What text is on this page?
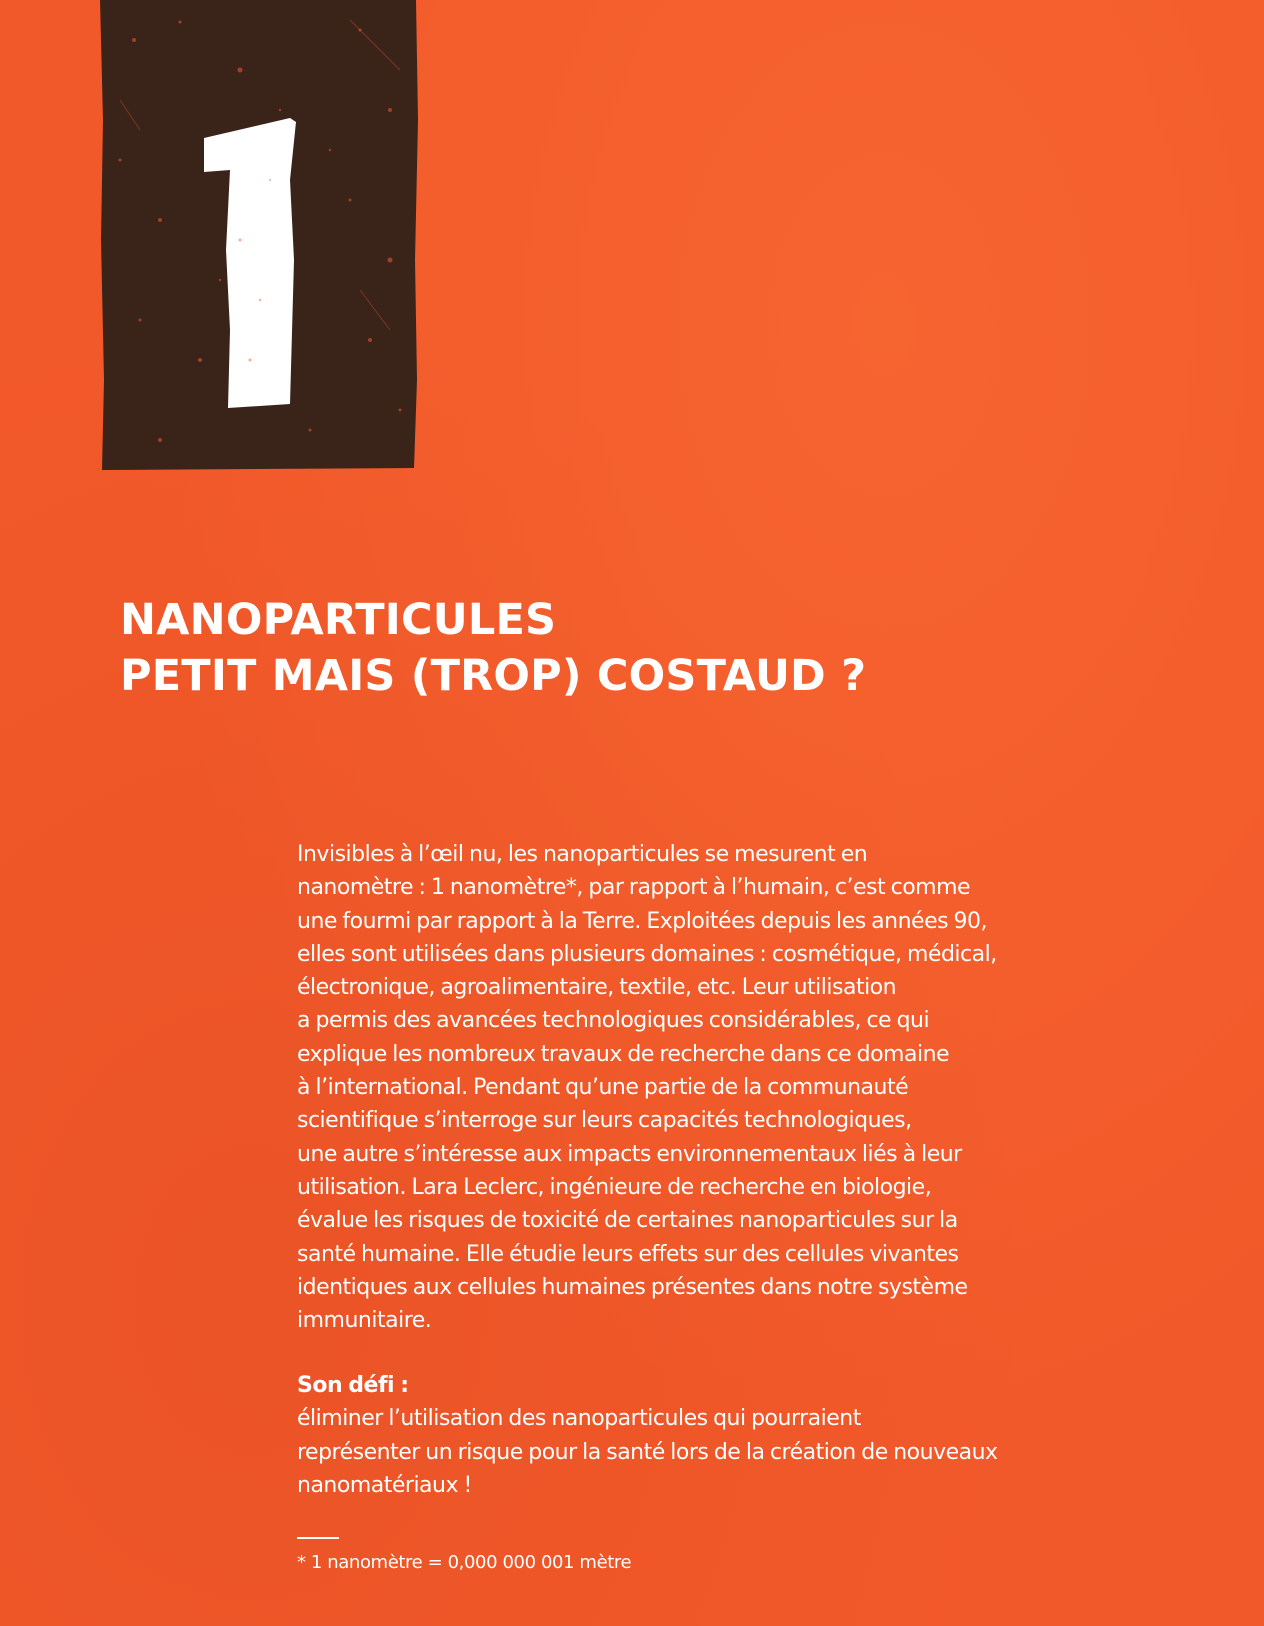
NANOPARTICULES
PETIT MAIS (TROP) COSTAUD ?

Invisibles à l’œil nu, les nanoparticules se mesurent en
nanomètre : 1 nanomètre*, par rapport à l’humain, c’est comme
une fourmi par rapport à la Terre. Exploitées depuis les années 90,
elles sont utilisées dans plusieurs domaines : cosmétique, médical,
électronique, agroalimentaire, textile, etc. Leur utilisation
a permis des avancées technologiques considérables, ce qui
explique les nombreux travaux de recherche dans ce domaine
à l’international. Pendant qu’une partie de la communauté
scientifique s’interroge sur leurs capacités technologiques,
une autre s’intéresse aux impacts environnementaux liés à leur
utilisation. Lara Leclerc, ingénieure de recherche en biologie,
évalue les risques de toxicité de certaines nanoparticules sur la
santé humaine. Elle étudie leurs effets sur des cellules vivantes
identiques aux cellules humaines présentes dans notre système
immunitaire.

Son défi :
éliminer l’utilisation des nanoparticules qui pourraient
représenter un risque pour la santé lors de la création de nouveaux
nanomatériaux !
* 1 nanomètre = 0,000 000 001 mètre
